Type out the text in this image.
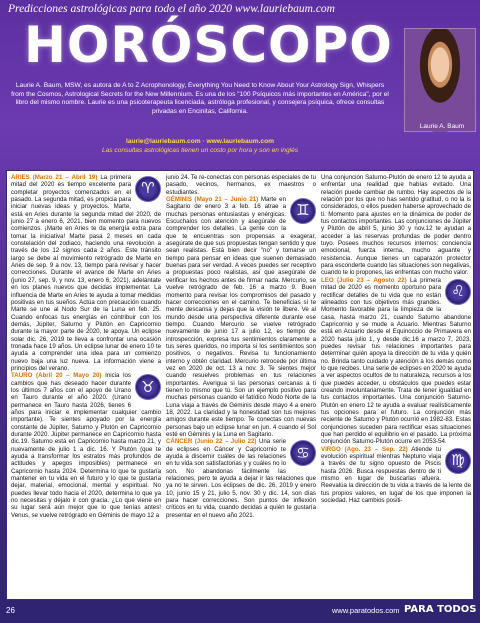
Predicciones astrológicas para todo el año 2020 www.lauriebaum.com
HORÓSCOPO
Laurie A. Baum, MSW, es autora de A to Z Acrophonology, Everything You Need to Know About Your Astrology Sign, Whispers from the Cosmos, Astrological Secrets for the New Millennium. Es una de los "100 Psíquicos más importantes en América", por el libro del mismo nombre. Laurie es una psicoterapeuta licenciada, astróloga profesional, y consejera psíquica, ofrece consultas privadas en Encinitas, California.
laurie@lauriebaum.com · www.lauriebaum.com
Las consultas astrológicas tienen un costo por hora y son en inglés
Laurie A. Baum
♈

ARIES (Marzo 21 – Abril 19) La primera mitad del 2020 es tiempo excelente para completar proyectos comenzados en el pasado. La segunda mitad, es propicia para iniciar nuevas ideas y proyectos. Marte, está en Aries durante la segunda mitad del 2020, de junio 27 a enero 6, 2021, bien momento para nuevos comienzos. ¡Marte en Aries te da energía extra para tomar la iniciativa! Marte pasa 2 meses en cada constelación del zodiaco, haciendo una revolución a través de los 12 signos cada 2 años. Este tránsito largo se debe al movimiento retrógrado de Marte en Aries de sep. 9 a nov. 13, tiempo para revisar y hacer correcciones. Durante el avance de Marte en Aries (junio 27, sep. 9, y nov. 13, enero 6, 2021), adelántate en los planes nuevos que decidas implementar. La influencia de Marte en Aries te ayuda a tomar medidas positivas en tus sueños. Actúa con precaución cuando Marte se une al Nodo Sur de la Luna en feb. 25. Cuando enfocas tus energías en contribuir con los demás, Júpiter, Saturno y Plutón en Capricornio durante la mayor parte de 2020, te apoya. Un eclipse solar dic. 26, 2019 te lleva a confrontar una ocasión tronada hace 19 años. Un eclipse lunar de enero 10 te ayuda a comprender una idea para un comienzo nuevo baja una luz nueva. La información viene a principios del verano.

♉

TAURO (Abril 20 – Mayo 20) Inicia los cambios que has deseado hacer durante los últimos 7 años con el apoyo de Urano en Tauro durante el año 2020. (Urano permanece en Tauro hasta 2026, tienes 6 años para iniciar e implementar cualquier cambio importante). Te sientes apoyado por la energía constante de Júpiter, Saturno y Plutón en Capricornio durante 2020. Júpiter permanece en Capricornio hasta dic.19. Saturno está en Capricornio hasta marzo 21, y nuevamente de julio 1 a dic. 16. Y Plutón (que te ayuda a transformar los estratos más profundos de actitudes y apegos imposibles) permanece en Capricornio hasta 2024. Determina lo que te gustaría mantener en tu vida en el futuro y lo que te gustaría dejar, material, emocional, mental y espiritual. No puedes llevar todo hacia el 2020, determina lo que ya no necesitas y déjalo ir con gracia. ¿Lo que viene en su lugar será aún mejor que lo que tenías antes! Venus, se vuelve retrógrado en Géminis de mayo 12 a

junio 24. Te re-conectas con personas especiales de tu pasado, vecinos, hermanos, ex maestros o estudiantes.

♊

GÉMINIS (Mayo 21 – Junio 21) Marte en Sagitario de enero 3 a feb. 16 atrae a muchas personas entusiastas y enérgicas. Escuchalos con atención y asegúrate de comprender los detalles. La gente con la que te encuentras son propensas a exagerar, asegúrate de que sus propuestas tengan sentido y que sean realistas. Está bien decir "no" y tomarse un tiempo para pensar en ideas que suenen demasiado buenas para ser verdad. A veces puedes ser receptivo a propuestas poco realistas, así que asegúrate de verificar los hechos antes de firmar nada. Mercurio, se vuelve retrógrado de feb. 16 a marzo 9. Buen momento para revisar los compromisos del pasado y hacer correcciones en el camino. Te beneficias si te mente descansa y dejas que la visión te libere. Ve al mundo desde una perspectiva diferente durante ese tiempo. Cuando Mercurio se vuelve retrógrado nuevamente de junio 17 a julio 12, es tiempo de introspección, expresa tus sentimientos claramente a tus seres queridos, no importa si los sentimientos son positivos, o negativos. Revisa tu funcionamiento interno y obtén claridad. Mercurio retrocede por última vez en 2020 de oct. 13 a nov. 3. Te sientes mejor cuando resuelves problemas en tus relaciones importantes. Averigua si las personas cercanas a ti tienen lo mismo que tú. Son un ejemplo positivo para muchas personas cuando el fatídico Nodo Norte de la Luna viaja a través de Géminis desde mayo 4 a enero 18, 2022. La claridad y la honestidad son tus mejores amigos durante este tiempo. Te conectas con nuevas personas bajo un eclipse lunar en jun. 4 cuando el Sol esté en Géminis y la Luna en Sagitario.

♋

CÁNCER (Junio 22 – Julio 22) Una serie de eclipses en Cáncer y Capricornio te ayuda a discernir cuáles de las relaciones en tu vida son satisfactorias y y cuáles no lo son. No abandonas fácilmente las relaciones, pero te ayuda a dejar ir las relaciones que ya no te sirven. Los eclipses de dic. 26, 2019 y enero 10, junio 15 y 21, julio 5, nov. 30 y dic. 14, son días para hacer correcciones. Son puntos de inflexión críticos en tu vida, cuando decidas a quién te gustaría presentar en el nuevo año 2021.

Una conjunción Saturno-Plutón de enero 12 te ayuda a enfrentar una realidad que habías evitado. Una relación puede cambiar de rumbo. Hay aspectos de la relación por los que no has sentido gratitud, o no la is considerados, o ellos pueden haberse aprovechado de ti. Momento para ajustes en la dinámica de poder de tus contactos importantes. Las conjunciones de Júpiter y Plutón de abril 5, junio 30 y nov.12 te ayudan a acceder a las reservas profundas de poder dentro tuyo. Posees muchos recursos internos: conciencia emocional, fuerza interna, mucho aguante y resistencia. Aunque tienes un caparazón protector para esconderte cuando las situaciones son negativas, cuando te lo propones, las enfrentas con mucho valor.

♌

LEO (Julio 23 – Agosto 22) La primera mitad de 2020 es momento oportuno para rectificar detalles de tu vida que no están alineados con tus objetivos más grandes. Momento favorable para la limpieza de la casa, hasta marzo 21, cuando Saturno abandone Capricornio y se mude a Acuario. Mientras Saturno está en Acuario desde el Equinoccio de Primavera en 2020 hasta julio 1, y desde dic.16 a marzo 7, 2023, puedes revisar tus relaciones importantes para determinar quién apoya la dirección de tu vida y quién no. Brinda tanto cuidado y atención a los demás como lo que recibes. Una serie de eclipses en 2020 te ayuda a ver aspectos ocultos de tu naturaleza, recursos a los que puedes acceder, u obstáculos que puedes estar creando involuntariamente. Trata de tener igualdad en tus contactos importantes. Una conjunción Saturno-Plutón en enero 12 te ayuda a evaluar realísticamente tus opciones para el futuro. La conjunción más reciente de Saturno y Plutón ocurrió en 1982-83. Estas conjunciones suceden para rectificar esas situaciones que han perdido el equilibrio en el pasado. La próxima conjunción Saturno-Plutón ocurre en 2053-54.

♍

VIRGO (Ago. 23 – Sep. 22) Atiende tu evolución espiritual mientras Neptuno viaja a través de tu signo opuesto de Piscis hasta 2026. Busca respuestas dentro de ti mismo en lugar de buscarlas afuera. Reevalúa la dirección de tu vida a través de la lente de tus propios valores, en lugar de los que imponen la sociedad. Haz cambios positi-

26	www.paratodos.com PARA TODOS
